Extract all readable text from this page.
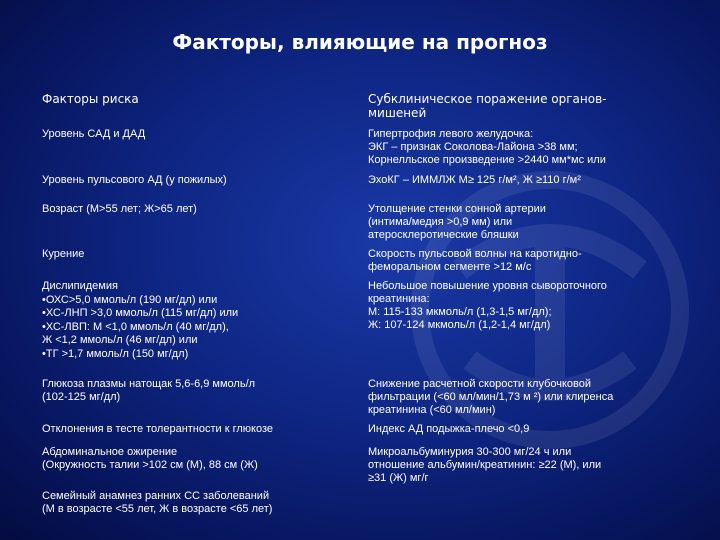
Факторы, влияющие на прогноз
Факторы риска	Субклиническое поражение органов-
мишеней
Уровень САД и ДАД
Уровень пульсового АД (у пожилых)
Возраст (М>55 лет; Ж>65 лет)
Курение
Дислипидемия
•ОХС>5,0 ммоль/л (190 мг/дл) или
•ХС-ЛНП >3,0 ммоль/л (115 мг/дл) или
•ХС-ЛВП: М <1,0 ммоль/л (40 мг/дл),
Ж <1,2 ммоль/л (46 мг/дл) или
•ТГ >1,7 ммоль/л (150 мг/дл)
Глюкоза плазмы натощак 5,6-6,9 ммоль/л
(102-125 мг/дл)
Отклонения в тесте толерантности к глюкозе
Абдоминальное ожирение
(Окружность талии >102 см (М), 88 см (Ж)
Семейный анамнез ранних СС заболеваний
(М в возрасте <55 лет, Ж в возрасте <65 лет)
Гипертрофия левого желудочка:
ЭКГ – признак Соколова-Лайона >38 мм;
Корнелльское произведение >2440 мм*мс или
ЭхоКГ – ИММЛЖ М≥ 125 г/м², Ж ≥110 г/м²
Утолщение стенки сонной артерии
(интима/медия >0,9 мм) или
атеросклеротические бляшки
Скорость пульсовой волны на каротидно-
феморальном сегменте >12 м/с
Небольшое повышение уровня сывороточного
креатинина:
М: 115-133 мкмоль/л (1,3-1,5 мг/дл);
Ж: 107-124 мкмоль/л (1,2-1,4 мг/дл)
Снижение расчетной скорости клубочковой
фильтрации (<60 мл/мин/1,73 м ²) или клиренса
креатинина (<60 мл/мин)
Индекс АД подыжка-плечо <0,9
Микроальбуминурия 30-300 мг/24 ч или
отношение альбумин/креатинин: ≥22 (М), или
≥31 (Ж) мг/г
